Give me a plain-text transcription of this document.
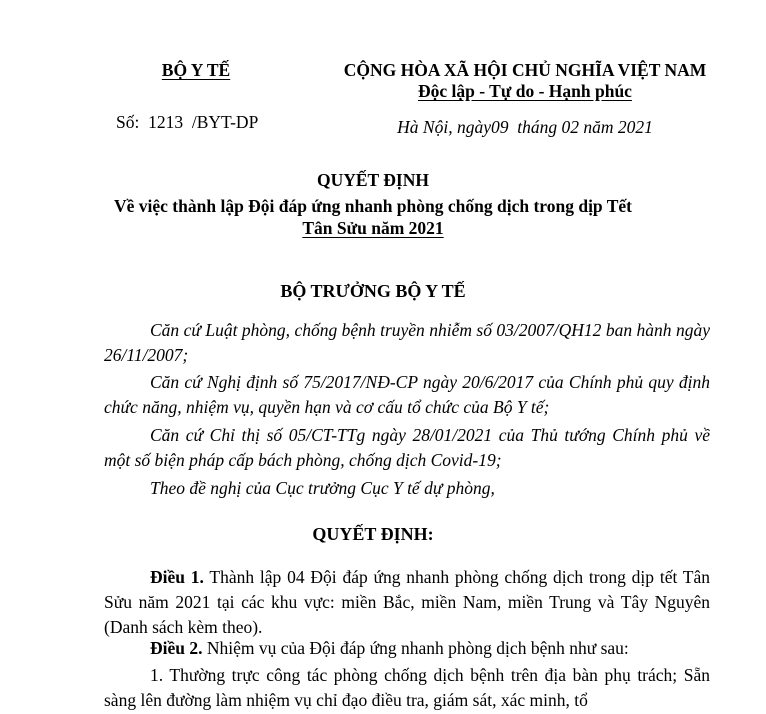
BỘ Y TẾ
Số:  1213  /BYT-DP
CỘNG HÒA XÃ HỘI CHỦ NGHĨA VIỆT NAM
Độc lập - Tự do - Hạnh phúc
Hà Nội, ngày09  tháng 02 năm 2021
QUYẾT ĐỊNH
Về việc thành lập Đội đáp ứng nhanh phòng chống dịch trong dịp Tết
Tân Sửu năm 2021
BỘ TRƯỞNG BỘ Y TẾ
Căn cứ Luật phòng, chống bệnh truyền nhiễm số 03/2007/QH12 ban hành ngày 26/11/2007;
Căn cứ Nghị định số 75/2017/NĐ-CP ngày 20/6/2017 của Chính phủ quy định chức năng, nhiệm vụ, quyền hạn và cơ cấu tổ chức của Bộ Y tế;
Căn cứ Chỉ thị số 05/CT-TTg ngày 28/01/2021 của Thủ tướng Chính phủ về một số biện pháp cấp bách phòng, chống dịch Covid-19;
Theo đề nghị của Cục trưởng Cục Y tế dự phòng,
QUYẾT ĐỊNH:
Điều 1. Thành lập 04 Đội đáp ứng nhanh phòng chống dịch trong dịp tết Tân Sửu năm 2021 tại các khu vực: miền Bắc, miền Nam, miền Trung và Tây Nguyên (Danh sách kèm theo).
Điều 2. Nhiệm vụ của Đội đáp ứng nhanh phòng dịch bệnh như sau:
1. Thường trực công tác phòng chống dịch bệnh trên địa bàn phụ trách; Sẵn sàng lên đường làm nhiệm vụ chỉ đạo điều tra, giám sát, xác minh, tổ
